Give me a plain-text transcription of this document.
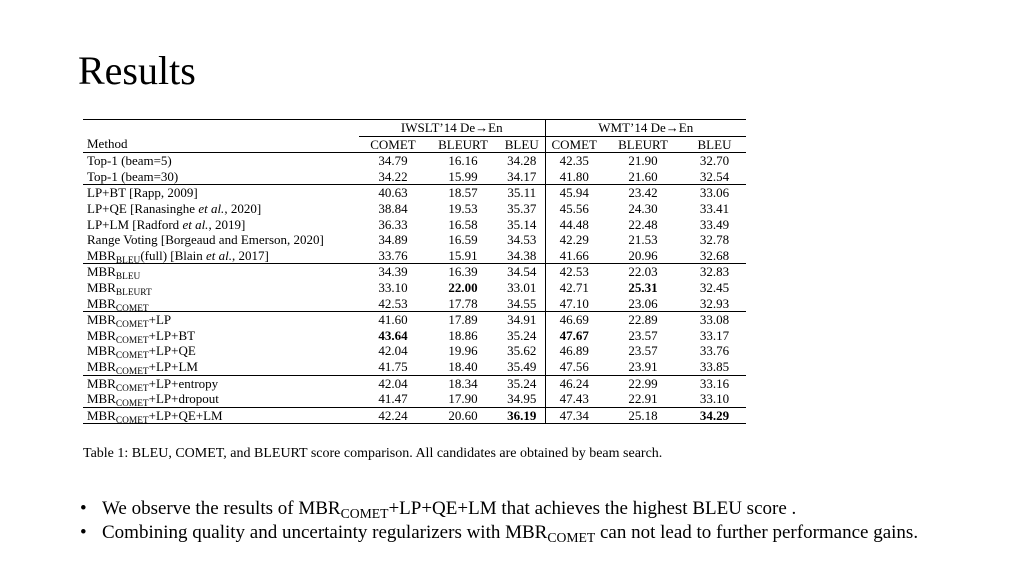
Results
	IWSLT’14 De→En			WMT’14 De→En		
Method	COMET	BLEURT	BLEU	COMET	BLEURT	BLEU
Top-1 (beam=5)	34.79	16.16	34.28	42.35	21.90	32.70
Top-1 (beam=30)	34.22	15.99	34.17	41.80	21.60	32.54
LP+BT [Rapp, 2009]	40.63	18.57	35.11	45.94	23.42	33.06
LP+QE [Ranasinghe et al., 2020]	38.84	19.53	35.37	45.56	24.30	33.41
LP+LM [Radford et al., 2019]	36.33	16.58	35.14	44.48	22.48	33.49
Range Voting [Borgeaud and Emerson, 2020]	34.89	16.59	34.53	42.29	21.53	32.78
$MBR_{BLEU}(full)$ [Blain et al., 2017]	33.76	15.91	34.38	41.66	20.96	32.68
$MBR_{BLEU}$	34.39	16.39	34.54	42.53	22.03	32.83
$MBR_{BLEURT}$	33.10	22.00	33.01	42.71	25.31	32.45
$MBR_{COMET}$	42.53	17.78	34.55	47.10	23.06	32.93
$MBR_{COMET}+LP$	41.60	17.89	34.91	46.69	22.89	33.08
$MBR_{COMET}+LP+BT$	43.64	18.86	35.24	47.67	23.57	33.17
$MBR_{COMET}+LP+QE$	42.04	19.96	35.62	46.89	23.57	33.76
$MBR_{COMET}+LP+LM$	41.75	18.40	35.49	47.56	23.91	33.85
$MBR_{COMET}+LP+entropy$	42.04	18.34	35.24	46.24	22.99	33.16
$MBR_{COMET}+LP+dropout$	41.47	17.90	34.95	47.43	22.91	33.10
$MBR_{COMET}+LP+QE+LM$	42.24	20.60	36.19	47.34	25.18	34.29
Table 1: BLEU, COMET, and BLEURT score comparison. All candidates are obtained by beam search.
• We observe the results of $MBR_{COMET}+LP+QE+LM$ that achieves the highest BLEU score .
• Combining quality and uncertainty regularizers with $MBR_{COMET}$ can not lead to further performance gains.
